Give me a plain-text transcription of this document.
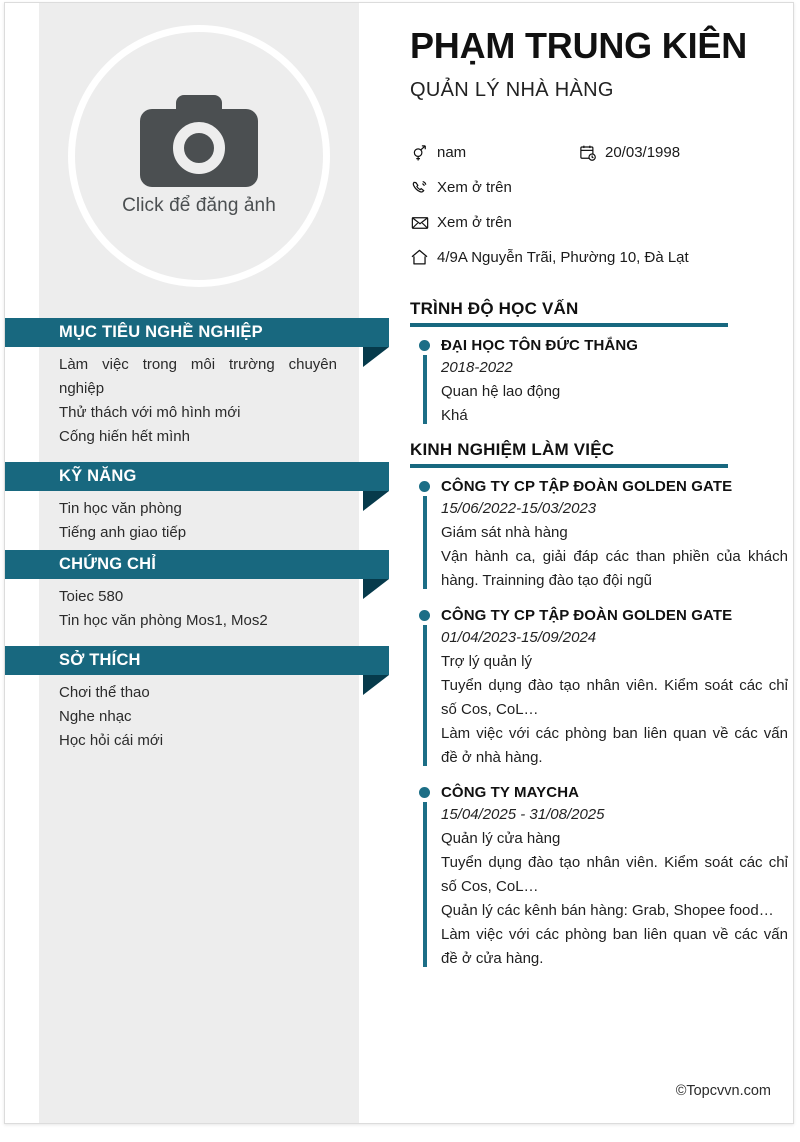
Click để đăng ảnh
MỤC TIÊU NGHỀ NGHIỆP

Làm việc trong môi trường chuyên nghiệp

Thử thách với mô hình mới

Cống hiến hết mình

KỸ NĂNG

Tin học văn phòng

Tiếng anh giao tiếp

CHỨNG CHỈ

Toiec 580

Tin học văn phòng Mos1, Mos2

SỞ THÍCH

Chơi thể thao

Nghe nhạc

Học hỏi cái mới

PHẠM TRUNG KIÊN
QUẢN LÝ NHÀ HÀNG
nam	20/03/1998
Xem ở trên
Xem ở trên
4/9A Nguyễn Trãi, Phường 10, Đà Lạt
TRÌNH ĐỘ HỌC VẤN
ĐẠI HỌC TÔN ĐỨC THẮNG
2018-2022
Quan hệ lao động
Khá
KINH NGHIỆM LÀM VIỆC
CÔNG TY CP TẬP ĐOÀN GOLDEN GATE
15/06/2022-15/03/2023
Giám sát nhà hàng
Vận hành ca, giải đáp các than phiền của khách hàng. Trainning đào tạo đội ngũ
CÔNG TY CP TẬP ĐOÀN GOLDEN GATE
01/04/2023-15/09/2024
Trợ lý quản lý
Tuyển dụng đào tạo nhân viên. Kiểm soát các chỉ số Cos, CoL…
Làm việc với các phòng ban liên quan về các vấn đề ở nhà hàng.
CÔNG TY MAYCHA
15/04/2025 - 31/08/2025
Quản lý cửa hàng
Tuyển dụng đào tạo nhân viên. Kiểm soát các chỉ số Cos, CoL…
Quản lý các kênh bán hàng: Grab, Shopee food…
Làm việc với các phòng ban liên quan về các vấn đề ở cửa hàng.
©Topcvvn.com
